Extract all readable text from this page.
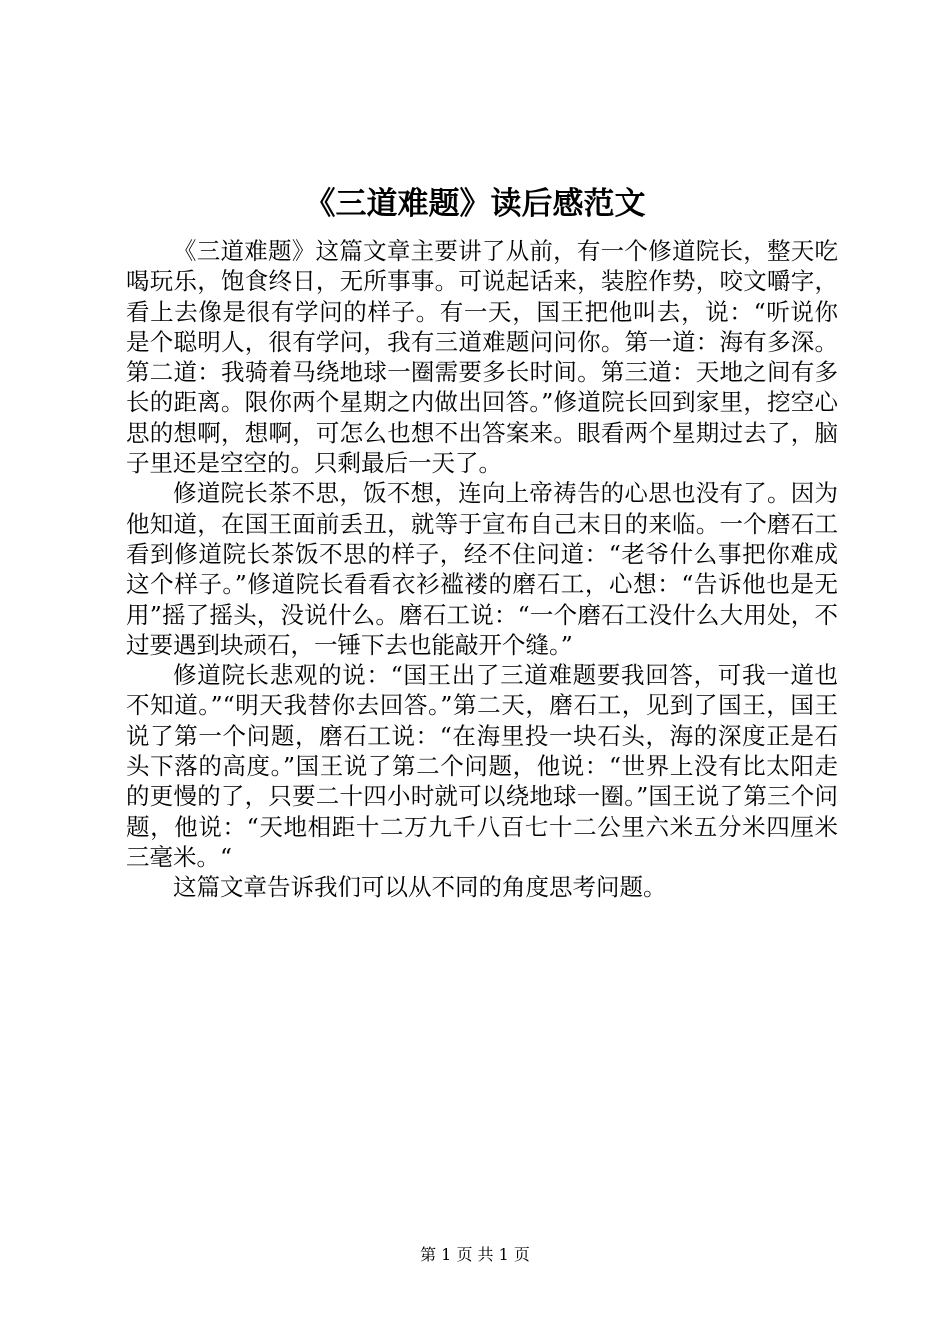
《三道难题》读后感范文

《三道难题》这篇文章主要讲了从前，有一个修道院长，整天吃喝玩乐，饱食终日，无所事事。可说起话来，装腔作势，咬文嚼字，看上去像是很有学问的样子。有一天，国王把他叫去，说：“听说你是个聪明人，很有学问，我有三道难题问问你。第一道：海有多深。第二道：我骑着马绕地球一圈需要多长时间。第三道：天地之间有多长的距离。限你两个星期之内做出回答。”修道院长回到家里，挖空心思的想啊，想啊，可怎么也想不出答案来。眼看两个星期过去了，脑子里还是空空的。只剩最后一天了。

修道院长茶不思，饭不想，连向上帝祷告的心思也没有了。因为他知道，在国王面前丢丑，就等于宣布自己末日的来临。一个磨石工看到修道院长茶饭不思的样子，经不住问道：“老爷什么事把你难成这个样子。”修道院长看看衣衫褴褛的磨石工，心想：“告诉他也是无用”摇了摇头，没说什么。磨石工说：“一个磨石工没什么大用处，不过要遇到块顽石，一锤下去也能敲开个缝。”

修道院长悲观的说：“国王出了三道难题要我回答，可我一道也不知道。”“明天我替你去回答。”第二天，磨石工，见到了国王，国王说了第一个问题，磨石工说：“在海里投一块石头，海的深度正是石头下落的高度。”国王说了第二个问题，他说：“世界上没有比太阳走的更慢的了，只要二十四小时就可以绕地球一圈。”国王说了第三个问题，他说：“天地相距十二万九千八百七十二公里六米五分米四厘米三毫米。“

这篇文章告诉我们可以从不同的角度思考问题。

第 1 页 共 1 页
